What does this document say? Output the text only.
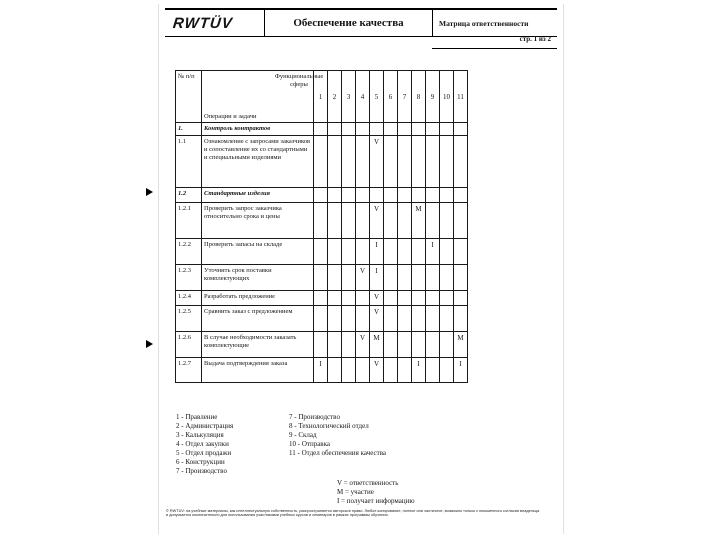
RWTÜV	Обеспечение качества	Матрица ответственности
стр. 1 из 2
Функциональные сферы
№ п/п	Операции и задачи	1	2	3	4	5	6	7	8	9	10	11
1.	Контроль контрактов											
1.1	Ознакомление с запросами заказчиков и сопоставление их со стандартными и специальными изделиями					V						
1.2	Стандартные изделия											
1.2.1	Проверить запрос заказчика относительно срока и цены					V			M			
1.2.2	Проверить запасы на складе					I				I		
1.2.3	Уточнить срок поставки комплектующих				V	I						
1.2.4	Разработать предложение					V						
1.2.5	Сравнить заказ с предложением					V						
1.2.6	В случае необходимости заказать комплектующие				V	M						M
1.2.7	Выдача подтверждения заказа	I				V			I			I
1 - Правление
2 - Администрация
3 - Калькуляция
4 - Отдел закупки
5 - Отдел продажи
6 - Конструкции
7 - Производство
7 - Производство
8 - Технологический отдел
9 - Склад
10 - Отправка
11 - Отдел обеспечения качества
V = ответственность
M = участие
I = получает информацию
© RWTÜV: на учебные материалы, как интеллектуальную собственность, распространяется авторское право. Любое копирование, полное или частичное, возможно только с письменного согласия владельца
и допускается исключительно для использования участниками учебных курсов и семинаров в рамках программы обучения.
